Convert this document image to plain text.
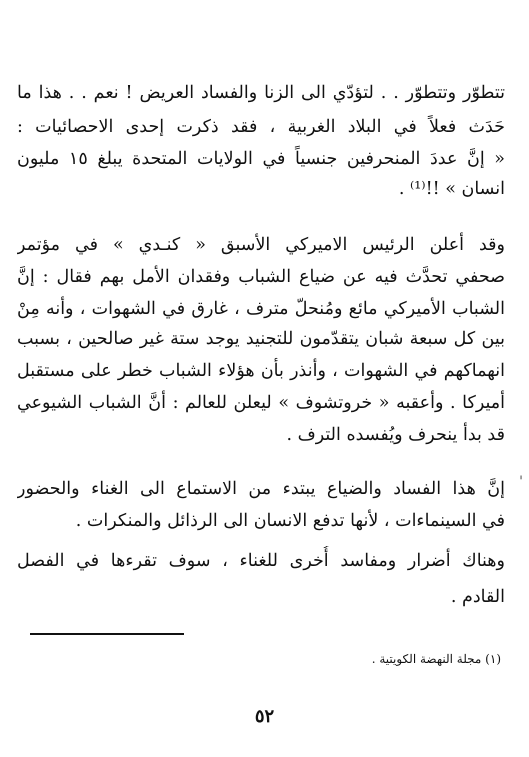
تتطوّر وتتطوّر . . لتؤدّي الى الزنا والفساد العريض ! نعم . . هذا ما
حَدَث فعلاً في البلاد الغربية ، فقد ذكرت إحدى الاحصائيات :
« إنَّ عددَ المنحرفين جنسياً في الولايات المتحدة يبلغ ١٥ مليون
انسان » !!⁽¹⁾ .
وقد أعلن الرئيس الاميركي الأسبق « كنـدي » في مؤتمر
صحفي تحدَّث فيه عن ضياع الشباب وفقدان الأمل بهم فقال : إنَّ
الشباب الأميركي مائع ومُنحلّ مترف ، غارق في الشهوات ، وأنه مِنْ
بين كل سبعة شبان يتقدّمون للتجنيد يوجد ستة غير صالحين ، بسبب
انهماكهم في الشهوات ، وأنذر بأن هؤلاء الشباب خطر على مستقبل
أميركا . وأعقبه « خروتشوف » ليعلن للعالم : أنَّ الشباب الشيوعي
قد بدأ ينحرف ويُفسده الترف .
'
إنَّ هذا الفساد والضياع يبتدء من الاستماع الى الغناء والحضور
في السينماءات ، لأنها تدفع الانسان الى الرذائل والمنكرات .
وهناك أضرار ومفاسد أُخرى للغناء ، سوف تقرءها في الفصل
القادم .
(١) مجلة النهضة الكويتية .
٥٢
